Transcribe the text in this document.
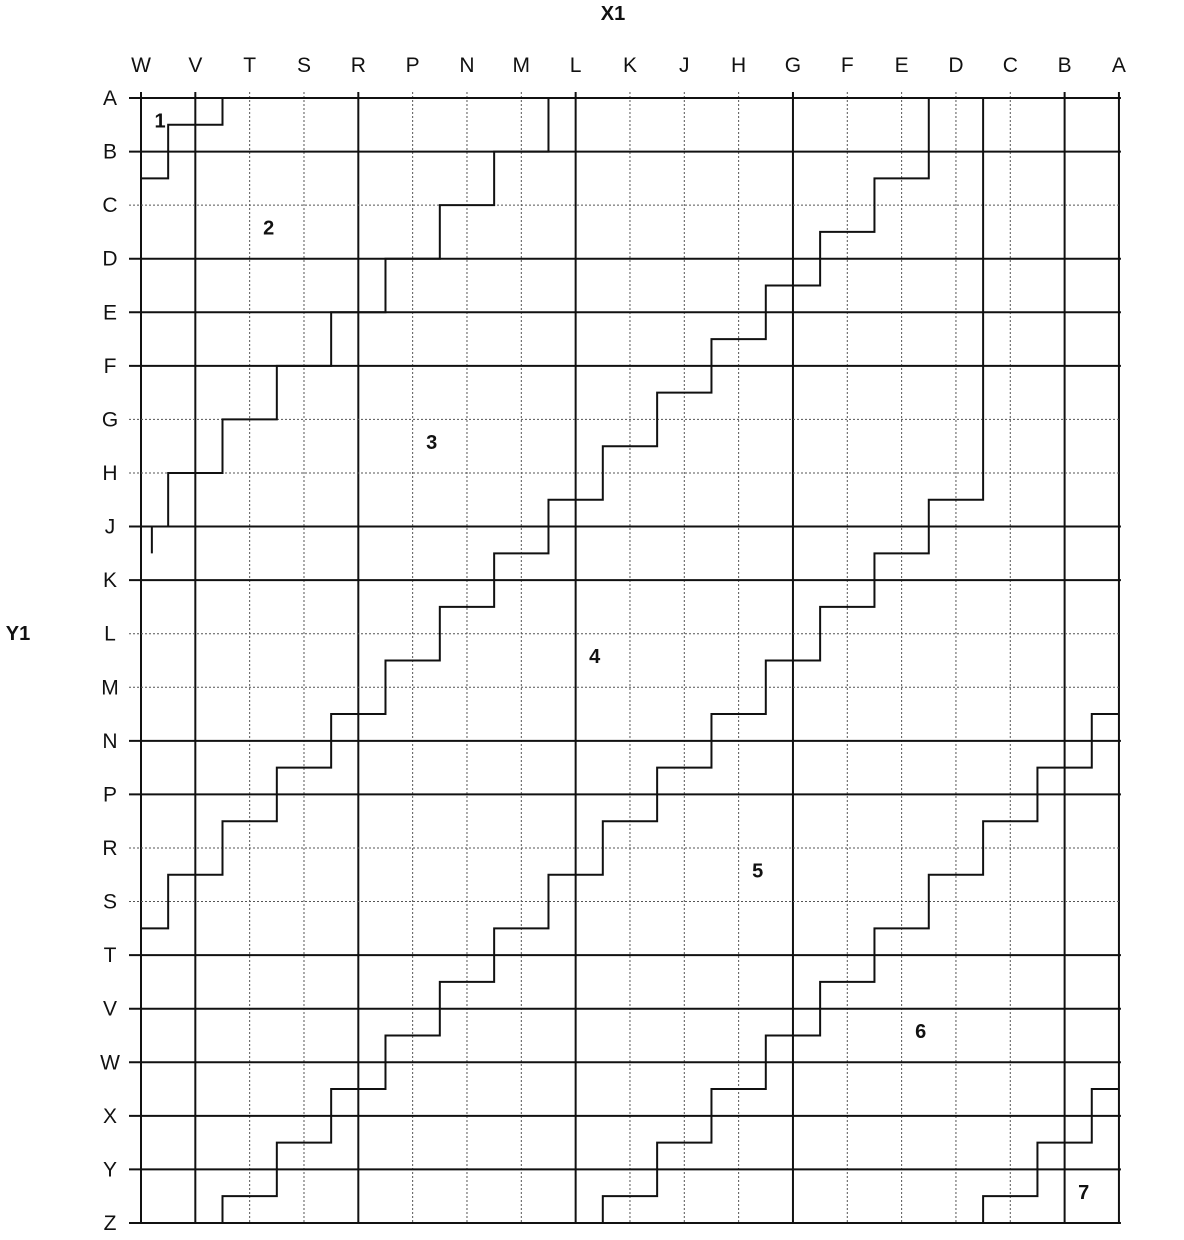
X1
Y1
W V T S R P N M L K J H G F E D C B A
A
B
C
D
E
F
G
H
J
K
L
M
N
P
R
S
T
V
W
X
Y
Z
1
2
3
4
5
6
7
